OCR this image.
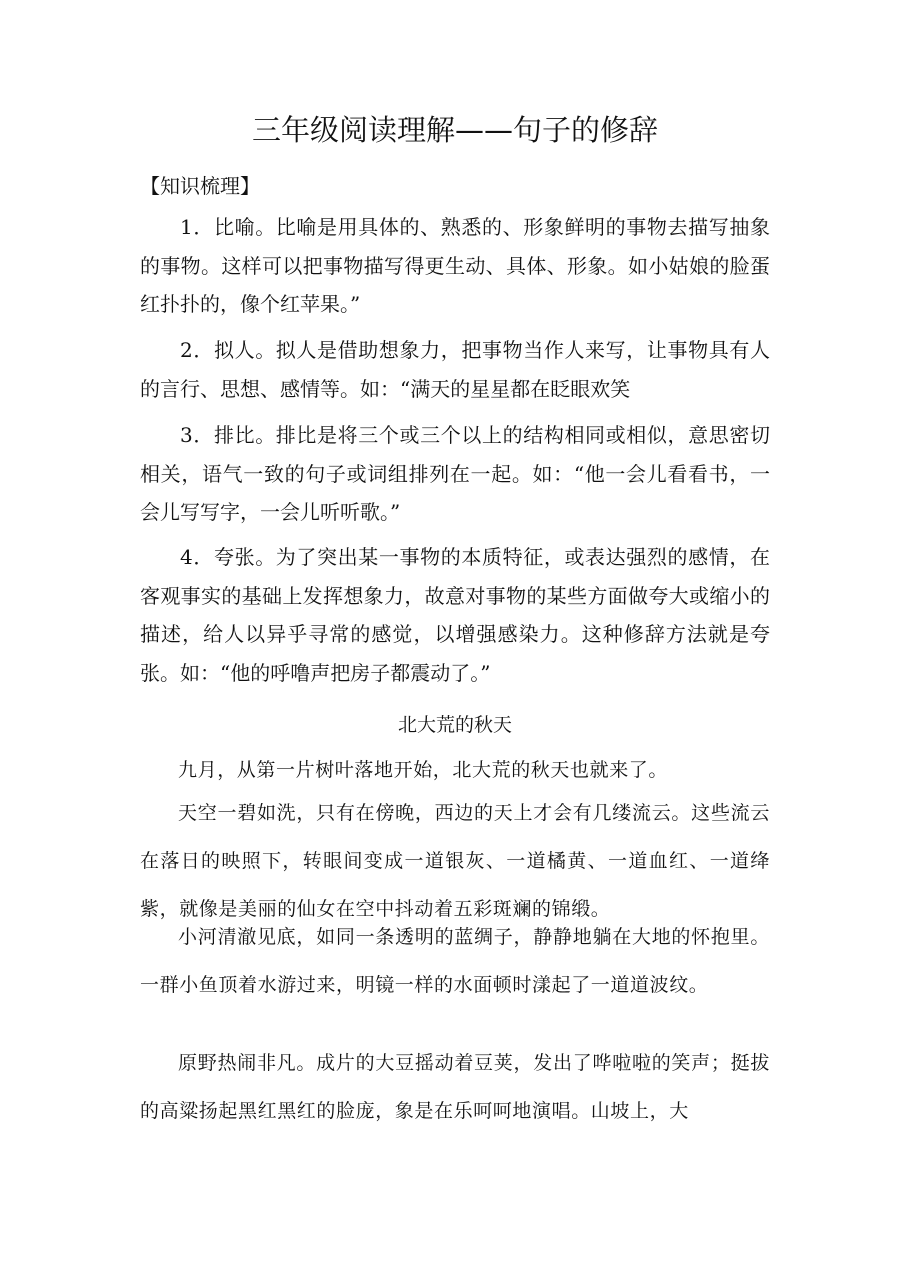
三年级阅读理解——句子的修辞
【知识梳理】

1．比喻。比喻是用具体的、熟悉的、形象鲜明的事物去描写抽象的事物。这样可以把事物描写得更生动、具体、形象。如小姑娘的脸蛋红扑扑的，像个红苹果。”

2．拟人。拟人是借助想象力，把事物当作人来写，让事物具有人的言行、思想、感情等。如：“满天的星星都在眨眼欢笑

3．排比。排比是将三个或三个以上的结构相同或相似，意思密切相关，语气一致的句子或词组排列在一起。如：“他一会儿看看书，一会儿写写字，一会儿听听歌。”

4．夸张。为了突出某一事物的本质特征，或表达强烈的感情，在客观事实的基础上发挥想象力，故意对事物的某些方面做夸大或缩小的描述，给人以异乎寻常的感觉，以增强感染力。这种修辞方法就是夸张。如：“他的呼噜声把房子都震动了。”

北大荒的秋天

九月，从第一片树叶落地开始，北大荒的秋天也就来了。

天空一碧如洗，只有在傍晚，西边的天上才会有几缕流云。这些流云在落日的映照下，转眼间变成一道银灰、一道橘黄、一道血红、一道绛紫，就像是美丽的仙女在空中抖动着五彩斑斓的锦缎。

小河清澈见底，如同一条透明的蓝绸子，静静地躺在大地的怀抱里。一群小鱼顶着水游过来，明镜一样的水面顿时漾起了一道道波纹。

原野热闹非凡。成片的大豆摇动着豆荚，发出了哗啦啦的笑声；挺拔的高粱扬起黑红黑红的脸庞，象是在乐呵呵地演唱。山坡上，大
